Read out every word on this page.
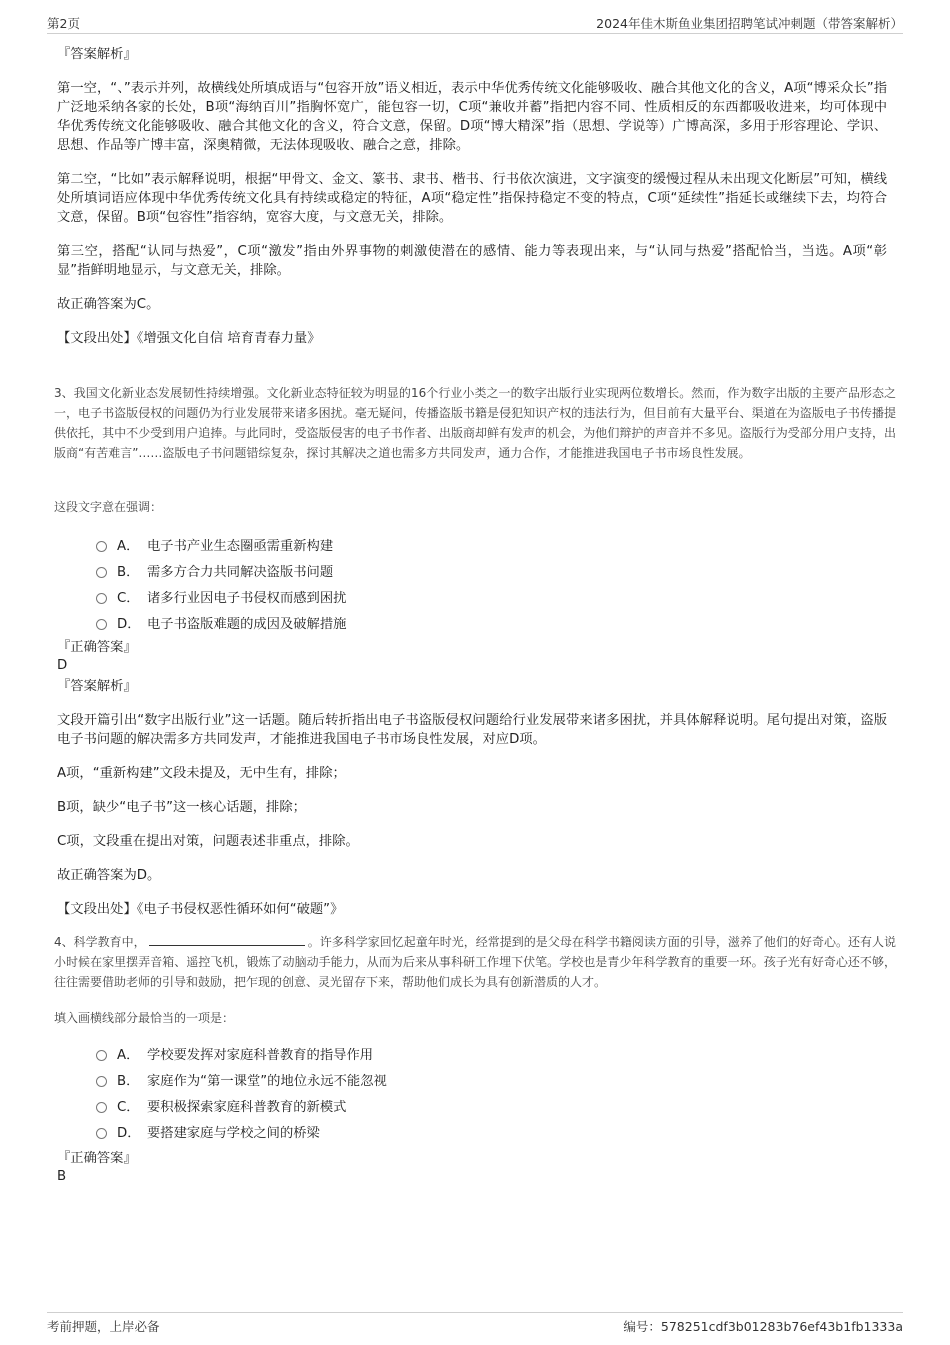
第2页	2024年佳木斯鱼业集团招聘笔试冲刺题（带答案解析）

『答案解析』

第一空，“、”表示并列，故横线处所填成语与“包容开放”语义相近，表示中华优秀传统文化能够吸收、融合其他文化的含义，A项“博采众长”指广泛地采纳各家的长处，B项“海纳百川”指胸怀宽广，能包容一切，C项“兼收并蓄”指把内容不同、性质相反的东西都吸收进来，均可体现中华优秀传统文化能够吸收、融合其他文化的含义，符合文意，保留。D项“博大精深”指（思想、学说等）广博高深，多用于形容理论、学识、思想、作品等广博丰富，深奥精微，无法体现吸收、融合之意，排除。

第二空，“比如”表示解释说明，根据“甲骨文、金文、篆书、隶书、楷书、行书依次演进，文字演变的缓慢过程从未出现文化断层”可知，横线处所填词语应体现中华优秀传统文化具有持续或稳定的特征，A项“稳定性”指保持稳定不变的特点，C项“延续性”指延长或继续下去，均符合文意，保留。B项“包容性”指容纳，宽容大度，与文意无关，排除。

第三空，搭配“认同与热爱”，C项“激发”指由外界事物的刺激使潜在的感情、能力等表现出来，与“认同与热爱”搭配恰当，当选。A项“彰显”指鲜明地显示，与文意无关，排除。

故正确答案为C。

【文段出处】《增强文化自信 培育青春力量》

3、我国文化新业态发展韧性持续增强。文化新业态特征较为明显的16个行业小类之一的数字出版行业实现两位数增长。然而，作为数字出版的主要产品形态之一，电子书盗版侵权的问题仍为行业发展带来诸多困扰。毫无疑问，传播盗版书籍是侵犯知识产权的违法行为，但目前有大量平台、渠道在为盗版电子书传播提供依托，其中不少受到用户追捧。与此同时，受盗版侵害的电子书作者、出版商却鲜有发声的机会，为他们辩护的声音并不多见。盗版行为受部分用户支持，出版商“有苦难言”……盗版电子书问题错综复杂，探讨其解决之道也需多方共同发声，通力合作，才能推进我国电子书市场良性发展。

这段文字意在强调：

A． 电子书产业生态圈亟需重新构建
B． 需多方合力共同解决盗版书问题
C． 诸多行业因电子书侵权而感到困扰
D． 电子书盗版难题的成因及破解措施

『正确答案』

D

『答案解析』

文段开篇引出“数字出版行业”这一话题。随后转折指出电子书盗版侵权问题给行业发展带来诸多困扰，并具体解释说明。尾句提出对策，盗版电子书问题的解决需多方共同发声，才能推进我国电子书市场良性发展，对应D项。

A项，“重新构建”文段未提及，无中生有，排除；

B项，缺少“电子书”这一核心话题，排除；

C项，文段重在提出对策，问题表述非重点，排除。

故正确答案为D。

【文段出处】《电子书侵权恶性循环如何“破题”》

4、科学教育中，	。许多科学家回忆起童年时光，经常提到的是父母在科学书籍阅读方面的引导，滋养了他们的好奇心。还有人说小时候在家里摆弄音箱、遥控飞机，锻炼了动脑动手能力，从而为后来从事科研工作埋下伏笔。学校也是青少年科学教育的重要一环。孩子光有好奇心还不够，往往需要借助老师的引导和鼓励，把乍现的创意、灵光留存下来，帮助他们成长为具有创新潜质的人才。

填入画横线部分最恰当的一项是：

A． 学校要发挥对家庭科普教育的指导作用
B． 家庭作为“第一课堂”的地位永远不能忽视
C． 要积极探索家庭科普教育的新模式
D． 要搭建家庭与学校之间的桥梁

『正确答案』

B

考前押题，上岸必备	编号：578251cdf3b01283b76ef43b1fb1333a
